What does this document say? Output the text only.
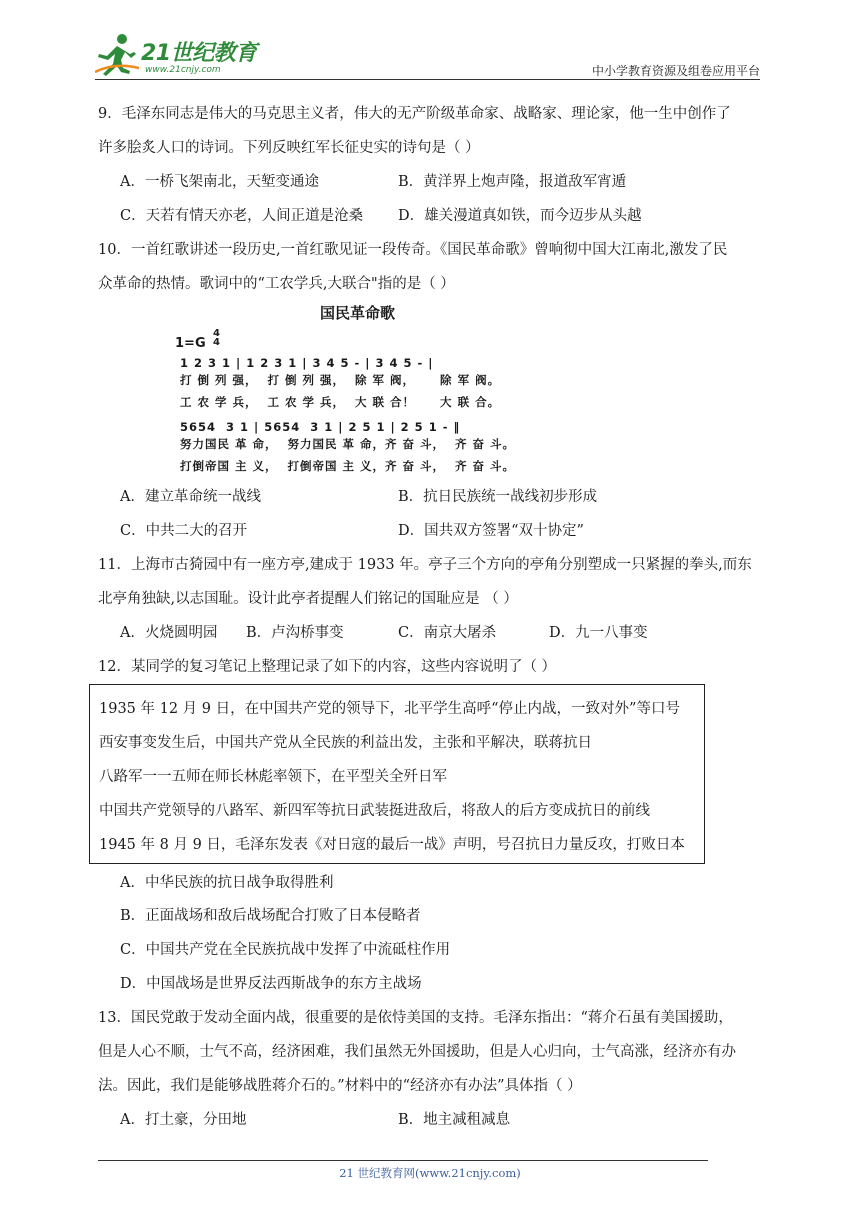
21世纪教育
www.21cnjy.com	中小学教育资源及组卷应用平台
9．毛泽东同志是伟大的马克思主义者，伟大的无产阶级革命家、战略家、理论家，他一生中创作了
许多脍炙人口的诗词。下列反映红军长征史实的诗句是（ ）
A．一桥飞架南北，天堑变通途	B．黄洋界上炮声隆，报道敌军宵遁
C．天若有情天亦老，人间正道是沧桑 D．雄关漫道真如铁，而今迈步从头越
10．一首红歌讲述一段历史,一首红歌见证一段传奇。《国民革命歌》曾响彻中国大江南北,激发了民
众革命的热情。歌词中的“工农学兵,大联合"指的是（ ）
国民革命歌
1=G
4
4
1 2 3 1 | 1 2 3 1 | 3 4 5 - | 3 4 5 - |
打 倒 列 强，  打 倒 列 强，  除 军 阀，     除 军 阀。
工 农 学 兵，  工 农 学 兵，  大 联 合！     大 联 合。
5654  3 1 | 5654  3 1 | 2 5 1 | 2 5 1 - ‖
努力国民 革 命，  努力国民 革 命，齐 奋 斗，  齐 奋 斗。
打倒帝国 主 义，  打倒帝国 主 义，齐 奋 斗，  齐 奋 斗。
A．建立革命统一战线	B．抗日民族统一战线初步形成
C．中共二大的召开	D．国共双方签署“双十协定”
11．上海市古猗园中有一座方亭,建成于 1933 年。亭子三个方向的亭角分别塑成一只紧握的拳头,而东
北亭角独缺,以志国耻。设计此亭者提醒人们铭记的国耻应是 （ ）
A．火烧圆明园 B．卢沟桥事变	C．南京大屠杀	D．九一八事变
12．某同学的复习笔记上整理记录了如下的内容，这些内容说明了（ ）
1935 年 12 月 9 日，在中国共产党的领导下，北平学生高呼“停止内战，一致对外”等口号
西安事变发生后，中国共产党从全民族的利益出发，主张和平解决，联蒋抗日
八路军一一五师在师长林彪率领下，在平型关全歼日军
中国共产党领导的八路军、新四军等抗日武装挺进敌后，将敌人的后方变成抗日的前线
1945 年 8 月 9 日，毛泽东发表《对日寇的最后一战》声明，号召抗日力量反攻，打败日本
A．中华民族的抗日战争取得胜利
B．正面战场和敌后战场配合打败了日本侵略者
C．中国共产党在全民族抗战中发挥了中流砥柱作用
D．中国战场是世界反法西斯战争的东方主战场
13．国民党敢于发动全面内战，很重要的是依恃美国的支持。毛泽东指出：“蒋介石虽有美国援助，
但是人心不顺，士气不高，经济困难，我们虽然无外国援助，但是人心归向，士气高涨，经济亦有办
法。因此，我们是能够战胜蒋介石的。”材料中的“经济亦有办法”具体指（ ）
A．打土豪，分田地	B．地主减租减息
21 世纪教育网(www.21cnjy.com)
